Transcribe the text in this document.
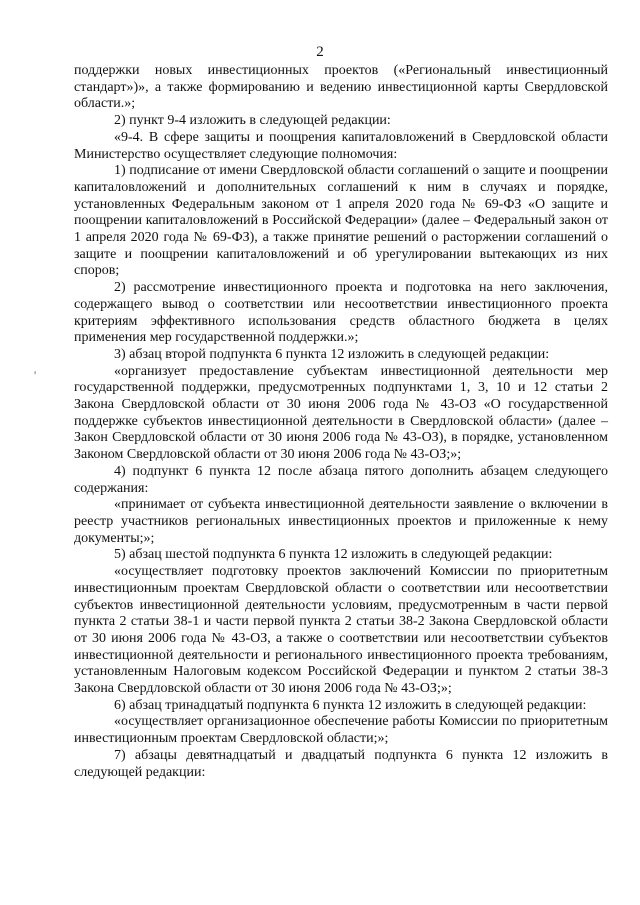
2
'

поддержки новых инвестиционных проектов («Региональный инвестиционный стандарт»)», а также формированию и ведению инвестиционной карты Свердловской области.»;

2) пункт 9-4 изложить в следующей редакции:

«9-4. В сфере защиты и поощрения капиталовложений в Свердловской области Министерство осуществляет следующие полномочия:

1) подписание от имени Свердловской области соглашений о защите и поощрении капиталовложений и дополнительных соглашений к ним в случаях и порядке, установленных Федеральным законом от 1 апреля 2020 года № 69-ФЗ «О защите и поощрении капиталовложений в Российской Федерации» (далее – Федеральный закон от 1 апреля 2020 года № 69-ФЗ), а также принятие решений о расторжении соглашений о защите и поощрении капиталовложений и об урегулировании вытекающих из них споров;

2) рассмотрение инвестиционного проекта и подготовка на него заключения, содержащего вывод о соответствии или несоответствии инвестиционного проекта критериям эффективного использования средств областного бюджета в целях применения мер государственной поддержки.»;

3) абзац второй подпункта 6 пункта 12 изложить в следующей редакции:

«организует предоставление субъектам инвестиционной деятельности мер государственной поддержки, предусмотренных подпунктами 1, 3, 10 и 12 статьи 2 Закона Свердловской области от 30 июня 2006 года № 43-ОЗ «О государственной поддержке субъектов инвестиционной деятельности в Свердловской области» (далее – Закон Свердловской области от 30 июня 2006 года № 43-ОЗ), в порядке, установленном Законом Свердловской области от 30 июня 2006 года № 43-ОЗ;»;

4) подпункт 6 пункта 12 после абзаца пятого дополнить абзацем следующего содержания:

«принимает от субъекта инвестиционной деятельности заявление о включении в реестр участников региональных инвестиционных проектов и приложенные к нему документы;»;

5) абзац шестой подпункта 6 пункта 12 изложить в следующей редакции:

«осуществляет подготовку проектов заключений Комиссии по приоритетным инвестиционным проектам Свердловской области о соответствии или несоответствии субъектов инвестиционной деятельности условиям, предусмотренным в части первой пункта 2 статьи 38-1 и части первой пункта 2 статьи 38-2 Закона Свердловской области от 30 июня 2006 года № 43-ОЗ, а также о соответствии или несоответствии субъектов инвестиционной деятельности и регионального инвестиционного проекта требованиям, установленным Налоговым кодексом Российской Федерации и пунктом 2 статьи 38-3 Закона Свердловской области от 30 июня 2006 года № 43-ОЗ;»;

6) абзац тринадцатый подпункта 6 пункта 12 изложить в следующей редакции:

«осуществляет организационное обеспечение работы Комиссии по приоритетным инвестиционным проектам Свердловской области;»;

7) абзацы девятнадцатый и двадцатый подпункта 6 пункта 12 изложить в следующей редакции:
